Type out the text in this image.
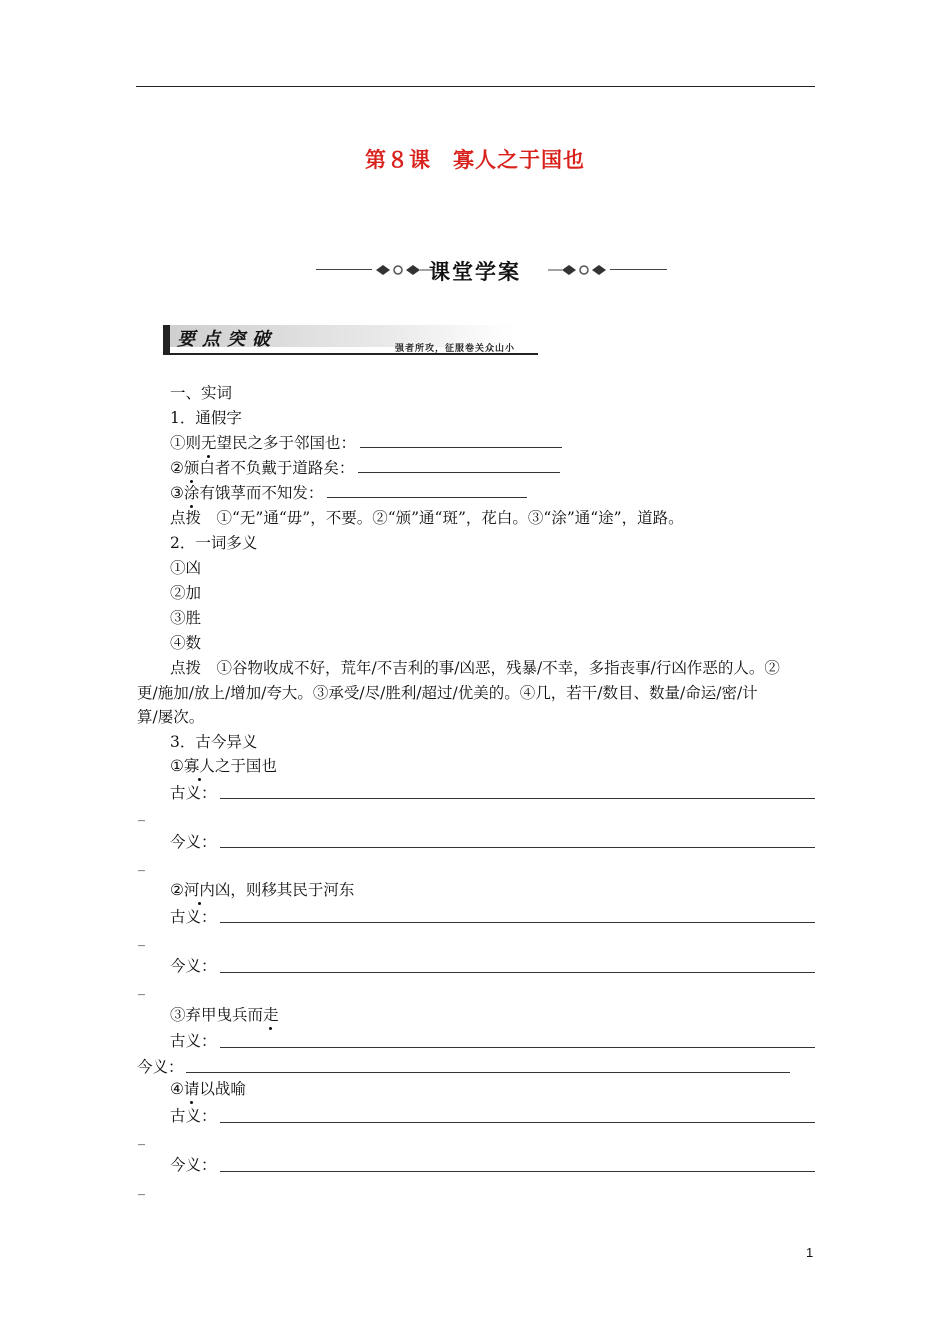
第８课　寡人之于国也
课堂学案
要点突破	强者所攻，征服卷关众山小
一、实词
1．通假字
①则无望民之多于邻国也：
②颁白者不负戴于道路矣：
③涂有饿莩而不知发：
点拨　①“无”通“毋”，不要。②“颁”通“斑”，花白。③“涂”通“途”，道路。
2．一词多义
①凶
②加
③胜
④数
点拨　①谷物收成不好，荒年/不吉利的事/凶恶，残暴/不幸，多指丧事/行凶作恶的人。②
更/施加/放上/增加/夸大。③承受/尽/胜利/超过/优美的。④几，若干/数目、数量/命运/密/计
算/屡次。
3．古今异义
①寡人之于国也
古义：
_
今义：
_
②河内凶，则移其民于河东
古义：
_
今义：
_
③弃甲曳兵而走
古义：
今义：
④请以战喻
古义：
_
今义：
_
1
